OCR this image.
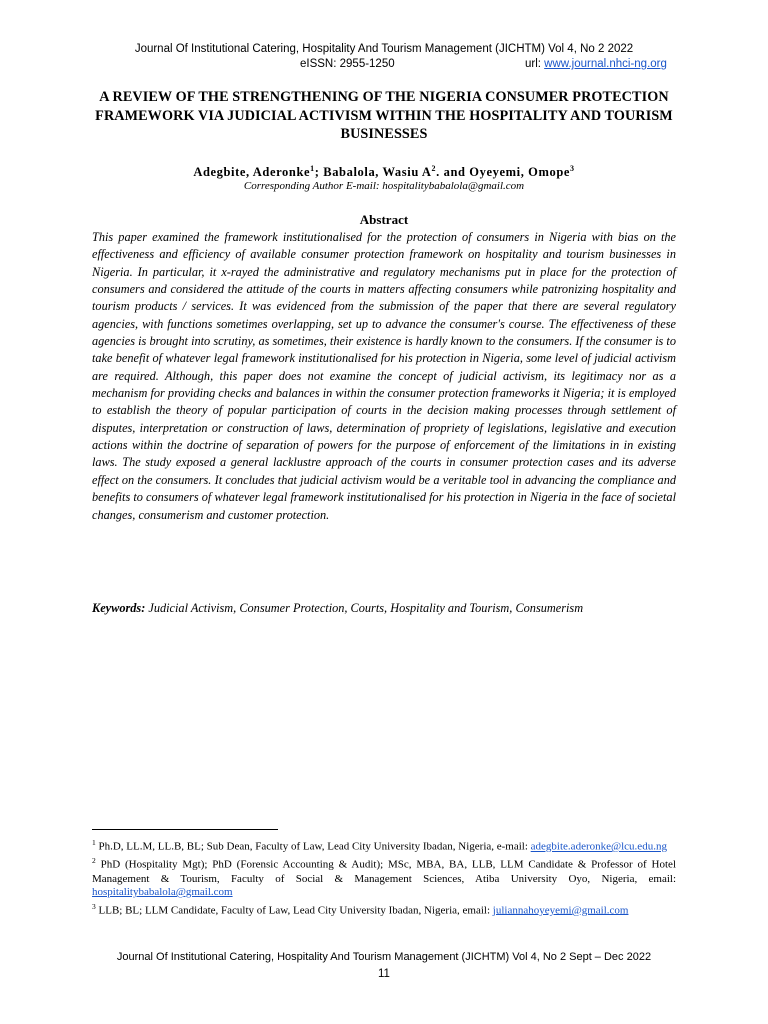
Journal Of Institutional Catering, Hospitality And Tourism Management (JICHTM) Vol 4, No 2 2022
eISSN: 2955-1250	url: www.journal.nhci-ng.org
A REVIEW OF THE STRENGTHENING OF THE NIGERIA CONSUMER PROTECTION FRAMEWORK VIA JUDICIAL ACTIVISM WITHIN THE HOSPITALITY AND TOURISM BUSINESSES
Adegbite, Aderonke$^1$; Babalola, Wasiu $A^2$. and Oyeyemi, Omope$^3$
Corresponding Author E-mail: hospitalitybabalola@gmail.com
Abstract
This paper examined the framework institutionalised for the protection of consumers in Nigeria with bias on the effectiveness and efficiency of available consumer protection framework on hospitality and tourism businesses in Nigeria. In particular, it x-rayed the administrative and regulatory mechanisms put in place for the protection of consumers and considered the attitude of the courts in matters affecting consumers while patronizing hospitality and tourism products / services. It was evidenced from the submission of the paper that there are several regulatory agencies, with functions sometimes overlapping, set up to advance the consumer's course. The effectiveness of these agencies is brought into scrutiny, as sometimes, their existence is hardly known to the consumers. If the consumer is to take benefit of whatever legal framework institutionalised for his protection in Nigeria, some level of judicial activism are required. Although, this paper does not examine the concept of judicial activism, its legitimacy nor as a mechanism for providing checks and balances in within the consumer protection frameworks it Nigeria; it is employed to establish the theory of popular participation of courts in the decision making processes through settlement of disputes, interpretation or construction of laws, determination of propriety of legislations, legislative and execution actions within the doctrine of separation of powers for the purpose of enforcement of the limitations in in existing laws. The study exposed a general lacklustre approach of the courts in consumer protection cases and its adverse effect on the consumers. It concludes that judicial activism would be a veritable tool in advancing the compliance and benefits to consumers of whatever legal framework institutionalised for his protection in Nigeria in the face of societal changes, consumerism and customer protection.
Keywords: Judicial Activism, Consumer Protection, Courts, Hospitality and Tourism, Consumerism

$^1$ Ph.D, LL.M, LL.B, BL; Sub Dean, Faculty of Law, Lead City University Ibadan, Nigeria, e-mail: adegbite.aderonke@lcu.edu.ng

$^2$ PhD (Hospitality Mgt); PhD (Forensic Accounting & Audit); MSc, MBA, BA, LLB, LLM Candidate & Professor of Hotel Management & Tourism, Faculty of Social & Management Sciences, Atiba University Oyo, Nigeria, email: hospitalitybabalola@gmail.com

$^3$ LLB; BL; LLM Candidate, Faculty of Law, Lead City University Ibadan, Nigeria, email: juliannahoyeyemi@gmail.com

Journal Of Institutional Catering, Hospitality And Tourism Management (JICHTM) Vol 4, No 2 Sept – Dec 2022
11
